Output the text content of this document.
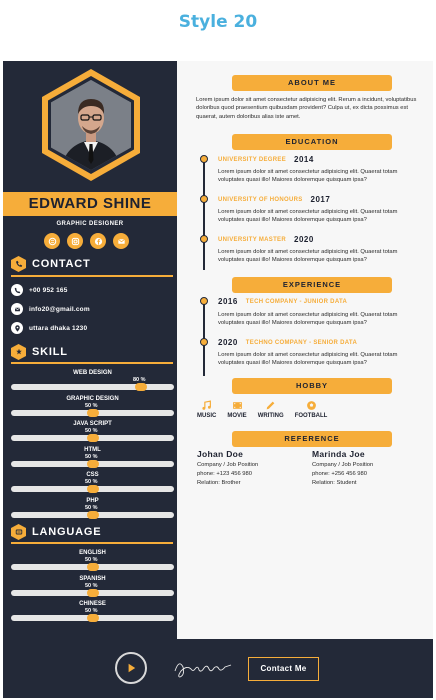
Style 20
EDWARD SHINE
GRAPHIC DESIGNER
CONTACT
+00 952 165
info20@gmail.com
uttara dhaka 1230
SKILL
WEB DESIGN
80 %
GRAPHIC DESIGN
50 %
JAVA SCRIPT
50 %
HTML
50 %
CSS
50 %
PHP
50 %
LANGUAGE
ENGLISH
50 %
SPANISH
50 %
CHINESE
50 %
ABOUT ME
Lorem ipsum dolor sit amet consectetur adipisicing elit. Rerum a incidunt, voluptatibus
doloribus quod praesentium quibusdam provident? Culpa ut, ex dicta possimus est
quaerat, autem doloribus alias iste amet.
EDUCATION
UNIVERSITY DEGREE 2014
Lorem ipsum dolor sit amet consectetur adipisicing elit. Quaerat totam
voluptates quasi illo! Maiores doloremque quisquam ipsa?
UNIVERSITY OF HONOURS 2017
Lorem ipsum dolor sit amet consectetur adipisicing elit. Quaerat totam
voluptates quasi illo! Maiores doloremque quisquam ipsa?
UNIVERSITY MASTER 2020
Lorem ipsum dolor sit amet consectetur adipisicing elit. Quaerat totam
voluptates quasi illo! Maiores doloremque quisquam ipsa?
EXPERIENCE
2016 TECH COMPANY - JUNIOR DATA
Lorem ipsum dolor sit amet consectetur adipisicing elit. Quaerat totam
voluptates quasi illo! Maiores doloremque quisquam ipsa?
2020 TECHNO COMPANY - SENIOR DATA
Lorem ipsum dolor sit amet consectetur adipisicing elit. Quaerat totam
voluptates quasi illo! Maiores doloremque quisquam ipsa?
HOBBY
MUSIC MOVIE WRITING FOOTBALL
REFERENCE
Johan Doe
Company / Job Position
phone: +123 456 980
Relation: Brother
Marinda Joe
Company / Job Position
phone: +256 456 980
Relation: Student
Contact Me
